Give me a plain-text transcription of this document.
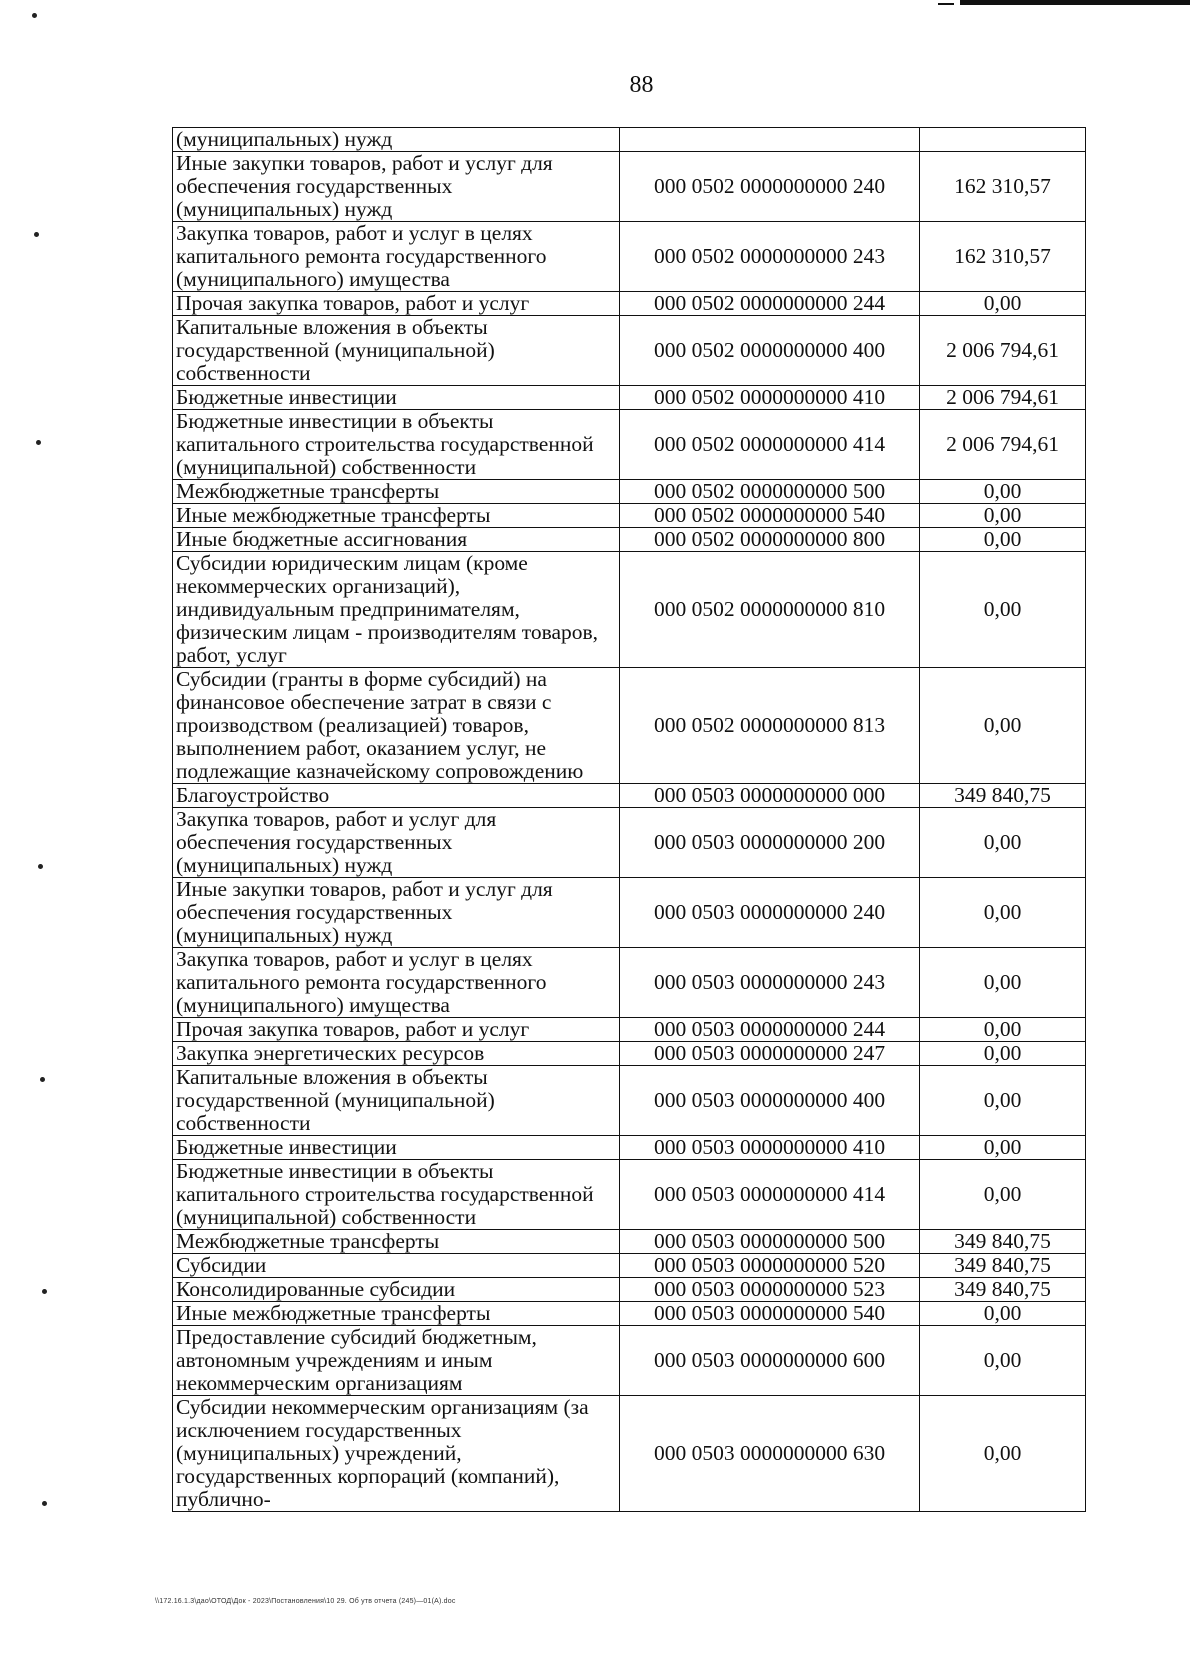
88
(муниципальных) нужд		
Иные закупки товаров, работ и услуг для обеспечения государственных (муниципальных) нужд	000 0502 0000000000 240	162 310,57
Закупка товаров, работ и услуг в целях капитального ремонта государственного (муниципального) имущества	000 0502 0000000000 243	162 310,57
Прочая закупка товаров, работ и услуг	000 0502 0000000000 244	0,00
Капитальные вложения в объекты государственной (муниципальной) собственности	000 0502 0000000000 400	2 006 794,61
Бюджетные инвестиции	000 0502 0000000000 410	2 006 794,61
Бюджетные инвестиции в объекты капитального строительства государственной (муниципальной) собственности	000 0502 0000000000 414	2 006 794,61
Межбюджетные трансферты	000 0502 0000000000 500	0,00
Иные межбюджетные трансферты	000 0502 0000000000 540	0,00
Иные бюджетные ассигнования	000 0502 0000000000 800	0,00
Субсидии юридическим лицам (кроме некоммерческих организаций), индивидуальным предпринимателям, физическим лицам - производителям товаров, работ, услуг	000 0502 0000000000 810	0,00
Субсидии (гранты в форме субсидий) на финансовое обеспечение затрат в связи с производством (реализацией) товаров, выполнением работ, оказанием услуг, не подлежащие казначейскому сопровождению	000 0502 0000000000 813	0,00
Благоустройство	000 0503 0000000000 000	349 840,75
Закупка товаров, работ и услуг для обеспечения государственных (муниципальных) нужд	000 0503 0000000000 200	0,00
Иные закупки товаров, работ и услуг для обеспечения государственных (муниципальных) нужд	000 0503 0000000000 240	0,00
Закупка товаров, работ и услуг в целях капитального ремонта государственного (муниципального) имущества	000 0503 0000000000 243	0,00
Прочая закупка товаров, работ и услуг	000 0503 0000000000 244	0,00
Закупка энергетических ресурсов	000 0503 0000000000 247	0,00
Капитальные вложения в объекты государственной (муниципальной) собственности	000 0503 0000000000 400	0,00
Бюджетные инвестиции	000 0503 0000000000 410	0,00
Бюджетные инвестиции в объекты капитального строительства государственной (муниципальной) собственности	000 0503 0000000000 414	0,00
Межбюджетные трансферты	000 0503 0000000000 500	349 840,75
Субсидии	000 0503 0000000000 520	349 840,75
Консолидированные субсидии	000 0503 0000000000 523	349 840,75
Иные межбюджетные трансферты	000 0503 0000000000 540	0,00
Предоставление субсидий бюджетным, автономным учреждениям и иным некоммерческим организациям	000 0503 0000000000 600	0,00
Субсидии некоммерческим организациям (за исключением государственных (муниципальных) учреждений, государственных корпораций (компаний), публично-	000 0503 0000000000 630	0,00
\\172.16.1.3\дао\ОТОД\Док - 2023\Постановления\10 29. Об утв отчета (245)—01(А).doc
